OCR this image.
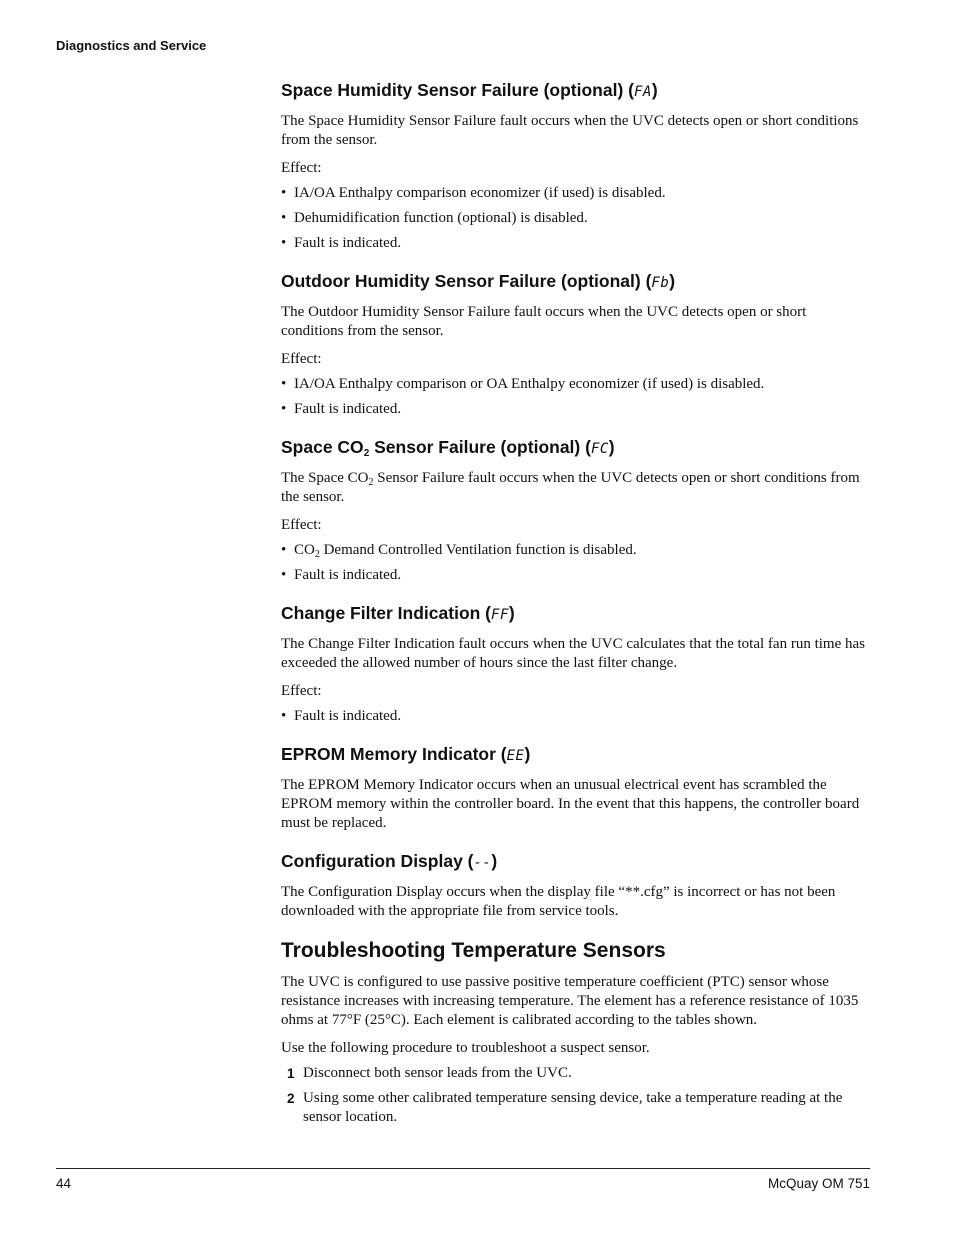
Diagnostics and Service
Space Humidity Sensor Failure (optional) (FA)

The Space Humidity Sensor Failure fault occurs when the UVC detects open or short conditions from the sensor.

Effect:

• IA/OA Enthalpy comparison economizer (if used) is disabled.
• Dehumidification function (optional) is disabled.
• Fault is indicated.
Outdoor Humidity Sensor Failure (optional) (Fb)

The Outdoor Humidity Sensor Failure fault occurs when the UVC detects open or short conditions from the sensor.

Effect:

• IA/OA Enthalpy comparison or OA Enthalpy economizer (if used) is disabled.
• Fault is indicated.
Space $CO_2$ Sensor Failure (optional) (FC)

The Space $CO_2$ Sensor Failure fault occurs when the UVC detects open or short conditions from the sensor.

Effect:

• $CO_2$ Demand Controlled Ventilation function is disabled.
• Fault is indicated.
Change Filter Indication (FF)

The Change Filter Indication fault occurs when the UVC calculates that the total fan run time has exceeded the allowed number of hours since the last filter change.

Effect:

• Fault is indicated.
EPROM Memory Indicator (EE)

The EPROM Memory Indicator occurs when an unusual electrical event has scrambled the EPROM memory within the controller board. In the event that this happens, the controller board must be replaced.

Configuration Display (--)

The Configuration Display occurs when the display file “**.cfg” is incorrect or has not been downloaded with the appropriate file from service tools.

Troubleshooting Temperature Sensors

The UVC is configured to use passive positive temperature coefficient (PTC) sensor whose resistance increases with increasing temperature. The element has a reference resistance of 1035 ohms at 77°F (25°C). Each element is calibrated according to the tables shown.

Use the following procedure to troubleshoot a suspect sensor.

1 Disconnect both sensor leads from the UVC.
2 Using some other calibrated temperature sensing device, take a temperature reading at the sensor location.
44	McQuay OM 751
